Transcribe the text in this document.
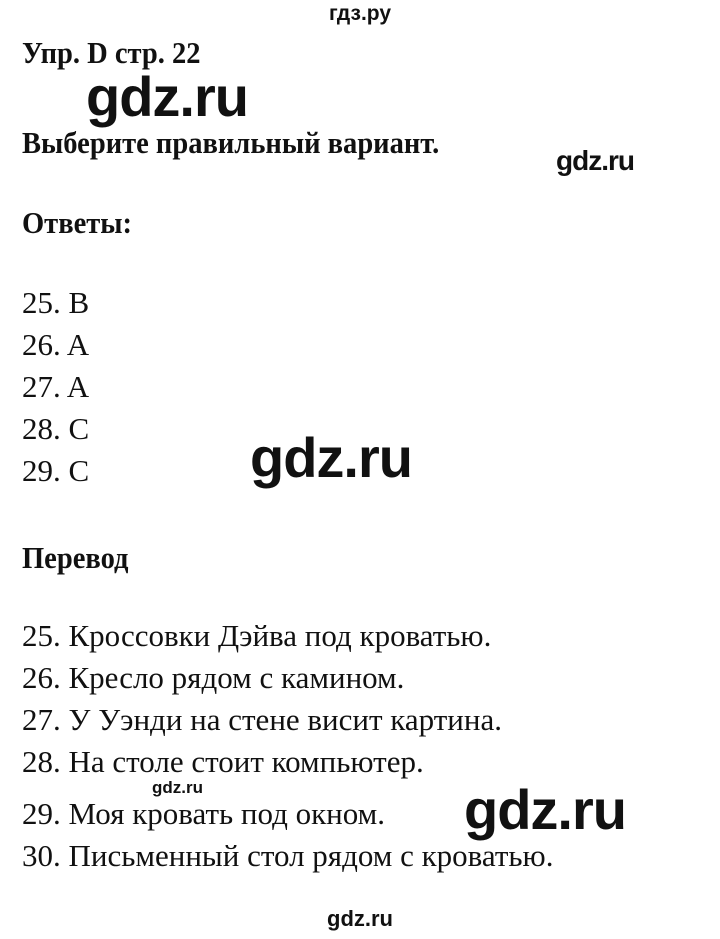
гдз.ру
Упр. D стр. 22
gdz.ru
Выберите правильный вариант.
gdz.ru
Ответы:
25. B
26. A
27. A
28. C
29. C	gdz.ru
Перевод
25. Кроссовки Дэйва под кроватью.
26. Кресло рядом с камином.
27. У Уэнди на стене висит картина.
28. На столе стоит компьютер.
29. Моя кровать под окном.
30. Письменный стол рядом с кроватью.
gdz.ru	gdz.ru
gdz.ru
